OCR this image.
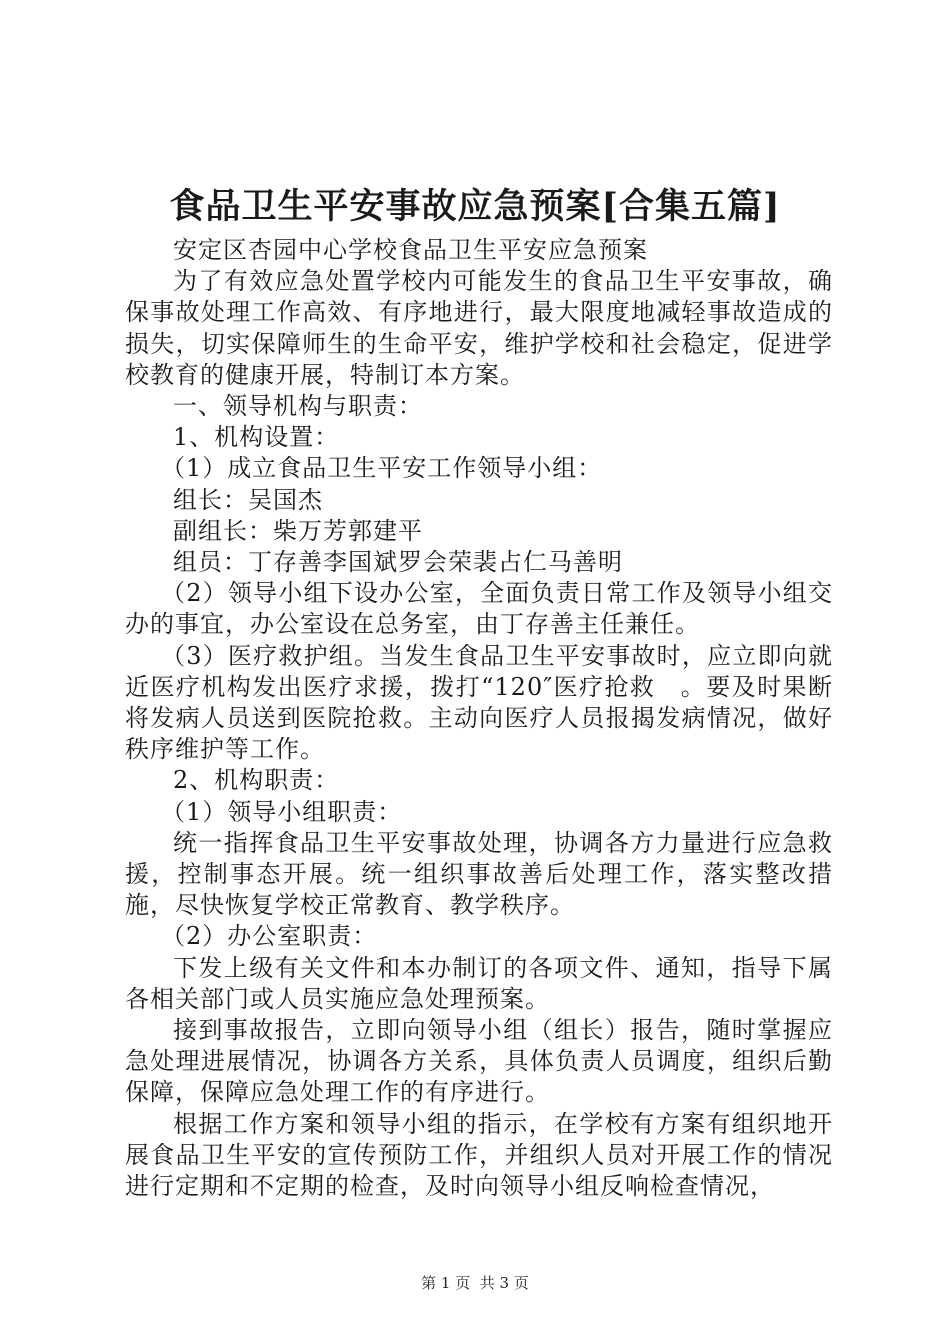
食品卫生平安事故应急预案[合集五篇]

安定区杏园中心学校食品卫生平安应急预案

为了有效应急处置学校内可能发生的食品卫生平安事故，确保事故处理工作高效、有序地进行，最大限度地减轻事故造成的损失，切实保障师生的生命平安，维护学校和社会稳定，促进学校教育的健康开展，特制订本方案。

一、领导机构与职责：

1、机构设置：

（1）成立食品卫生平安工作领导小组：

组长：吴国杰

副组长：柴万芳郭建平

组员：丁存善李国斌罗会荣裴占仁马善明

（2）领导小组下设办公室，全面负责日常工作及领导小组交办的事宜，办公室设在总务室，由丁存善主任兼任。

（3）医疗救护组。当发生食品卫生平安事故时，应立即向就近医疗机构发出医疗求援，拨打“120″医疗抢救　。要及时果断将发病人员送到医院抢救。主动向医疗人员报揭发病情况，做好秩序维护等工作。

2、机构职责：

（1）领导小组职责：

统一指挥食品卫生平安事故处理，协调各方力量进行应急救援，控制事态开展。统一组织事故善后处理工作，落实整改措施，尽快恢复学校正常教育、教学秩序。

（2）办公室职责：

下发上级有关文件和本办制订的各项文件、通知，指导下属各相关部门或人员实施应急处理预案。

接到事故报告，立即向领导小组（组长）报告，随时掌握应急处理进展情况，协调各方关系，具体负责人员调度，组织后勤保障，保障应急处理工作的有序进行。

根据工作方案和领导小组的指示，在学校有方案有组织地开展食品卫生平安的宣传预防工作，并组织人员对开展工作的情况进行定期和不定期的检查，及时向领导小组反响检查情况，

第 1 页 共 3 页
